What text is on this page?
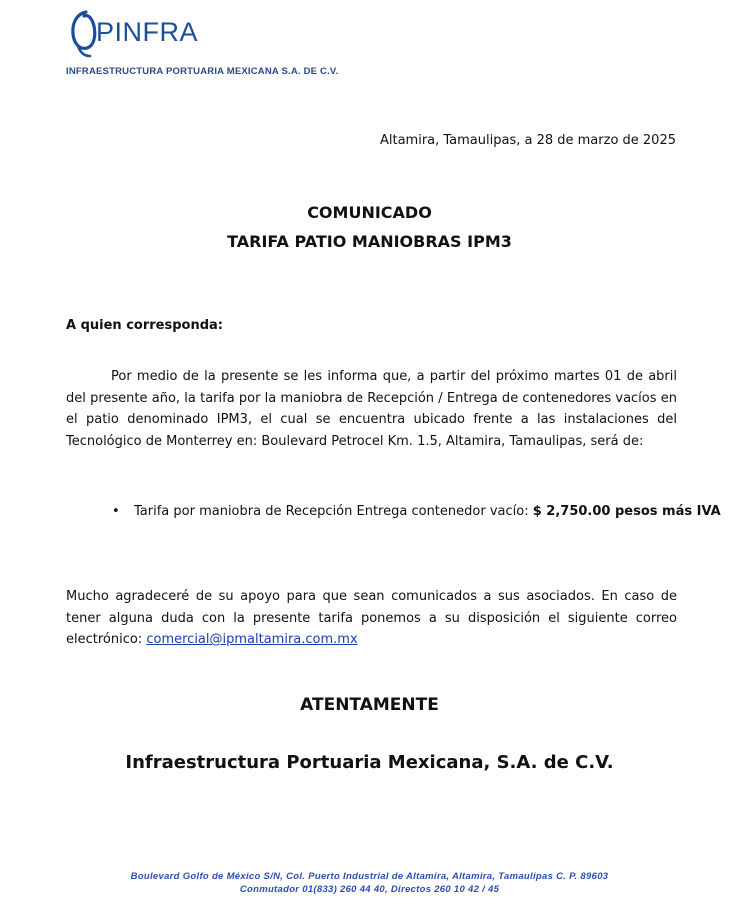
PINFRA
INFRAESTRUCTURA PORTUARIA MEXICANA S.A. DE C.V.
Altamira, Tamaulipas, a 28 de marzo de 2025
COMUNICADO
TARIFA PATIO MANIOBRAS IPM3
A quien corresponda:

Por medio de la presente se les informa que, a partir del próximo martes 01 de abril del presente año, la tarifa por la maniobra de Recepción / Entrega de contenedores vacíos en el patio denominado IPM3, el cual se encuentra ubicado frente a las instalaciones del Tecnológico de Monterrey en: Boulevard Petrocel Km. 1.5, Altamira, Tamaulipas, será de:

• Tarifa por maniobra de Recepción Entrega contenedor vacío: $ 2,750.00 pesos más IVA

Mucho agradeceré de su apoyo para que sean comunicados a sus asociados. En caso de tener alguna duda con la presente tarifa ponemos a su disposición el siguiente correo electrónico: comercial@ipmaltamira.com.mx

ATENTAMENTE
Infraestructura Portuaria Mexicana, S.A. de C.V.
Boulevard Golfo de México S/N, Col. Puerto Industrial de Altamira, Altamira, Tamaulipas C. P. 89603
Conmutador 01(833) 260 44 40, Directos 260 10 42 / 45
